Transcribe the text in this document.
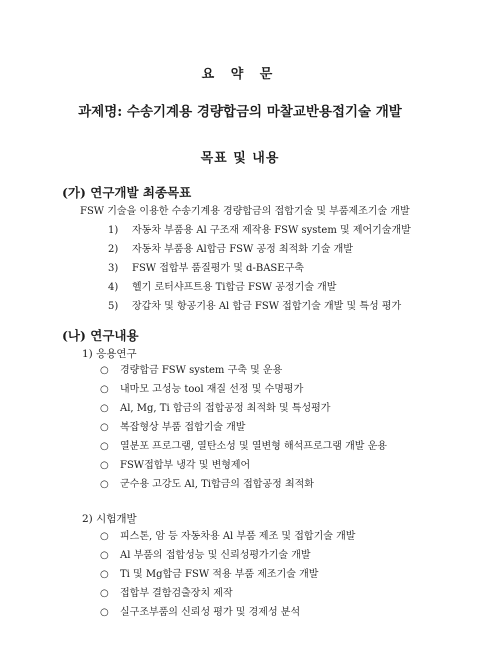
요 약 문
과제명: 수송기계용 경량합금의 마찰교반용접기술 개발
목표 및 내용
(가) 연구개발 최종목표
FSW 기술을 이용한 수송기계용 경량합금의 접합기술 및 부품제조기술 개발
1) 자동차 부품용 Al 구조재 제작용 FSW system 및 제어기술개발
2) 자동차 부품용 Al합금 FSW 공정 최적화 기술 개발
3) FSW 접합부 품질평가 및 d-BASE구축
4) 헬기 로터샤프트용 Ti합금 FSW 공정기술 개발
5) 장갑차 및 항공기용 Al 합금 FSW 접합기술 개발 및 특성 평가
(나) 연구내용
1) 응용연구
○ 경량합금 FSW system 구축 및 운용
○ 내마모 고성능 tool 재질 선정 및 수명평가
○ Al, Mg, Ti 합금의 접합공정 최적화 및 특성평가
○ 복잡형상 부품 접합기술 개발
○ 열분포 프로그램, 열탄소성 및 열변형 해석프로그램 개발 운용
○ FSW접합부 냉각 및 변형제어
○ 군수용 고강도 Al, Ti합금의 접합공정 최적화
2) 시험개발
○ 피스톤, 암 등 자동차용 Al 부품 제조 및 접합기술 개발
○ Al 부품의 접합성능 및 신뢰성평가기술 개발
○ Ti 및 Mg합금 FSW 적용 부품 제조기술 개발
○ 접합부 결함검출장치 제작
○ 실구조부품의 신뢰성 평가 및 경제성 분석
